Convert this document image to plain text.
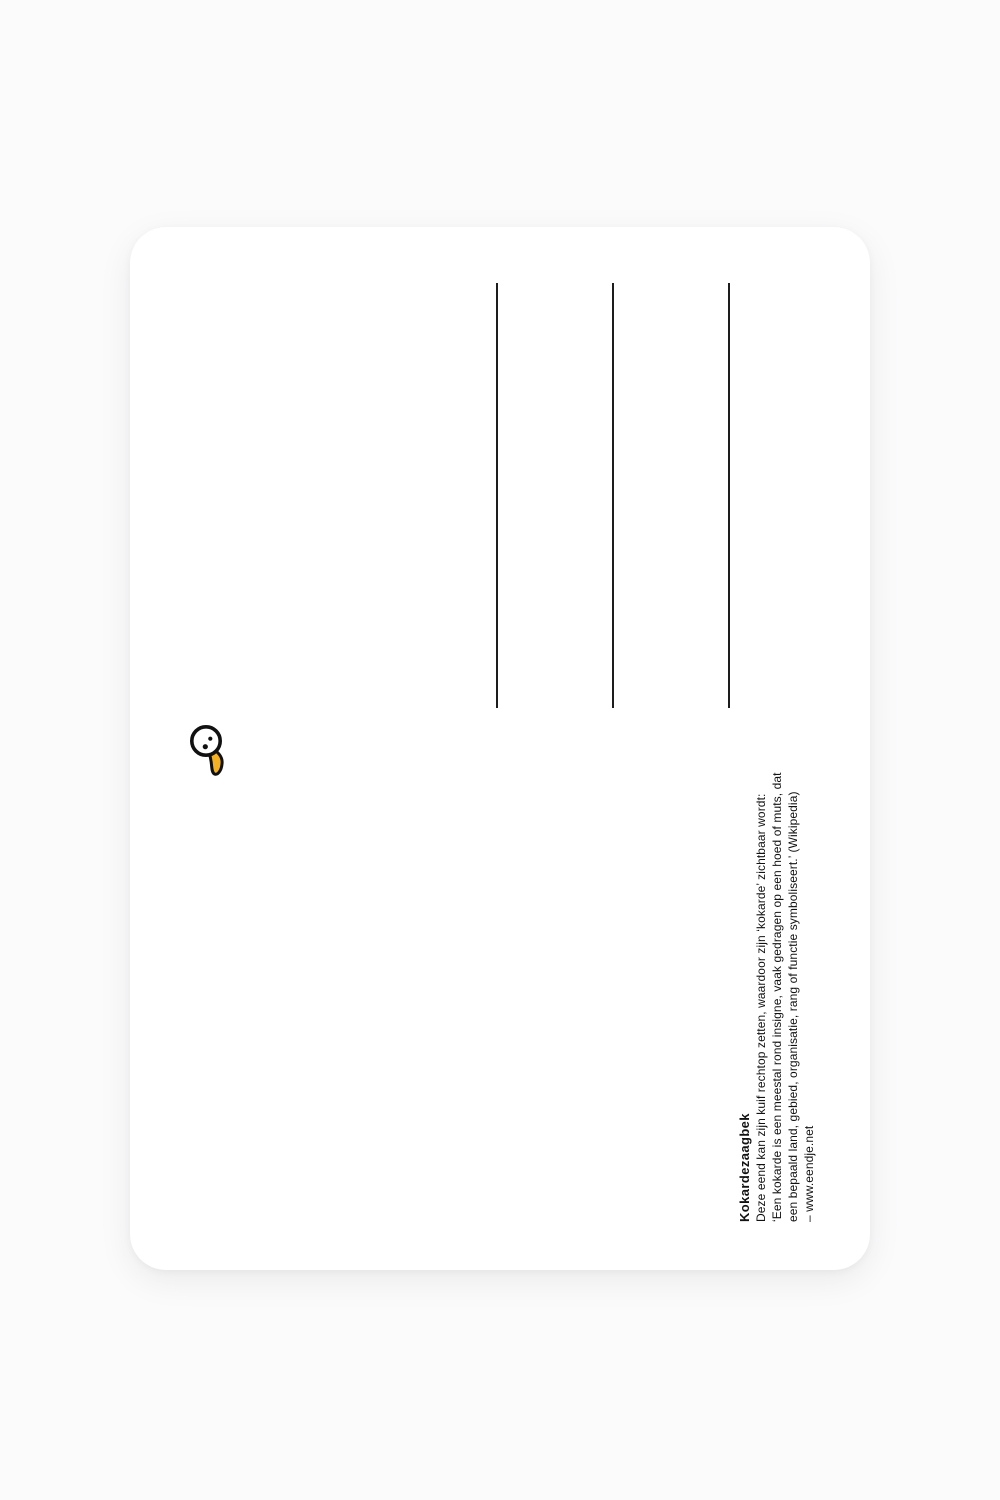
Kokardezaagbek Deze eend kan zijn kuif rechtop zetten, waardoor zijn ‘kokarde’ zichtbaar wordt: ‘Een kokarde is een meestal rond insigne, vaak gedragen op een hoed of muts, dat een bepaald land, gebied, organisatie, rang of functie symboliseert.’ (Wikipedia) – www.eendje.net
